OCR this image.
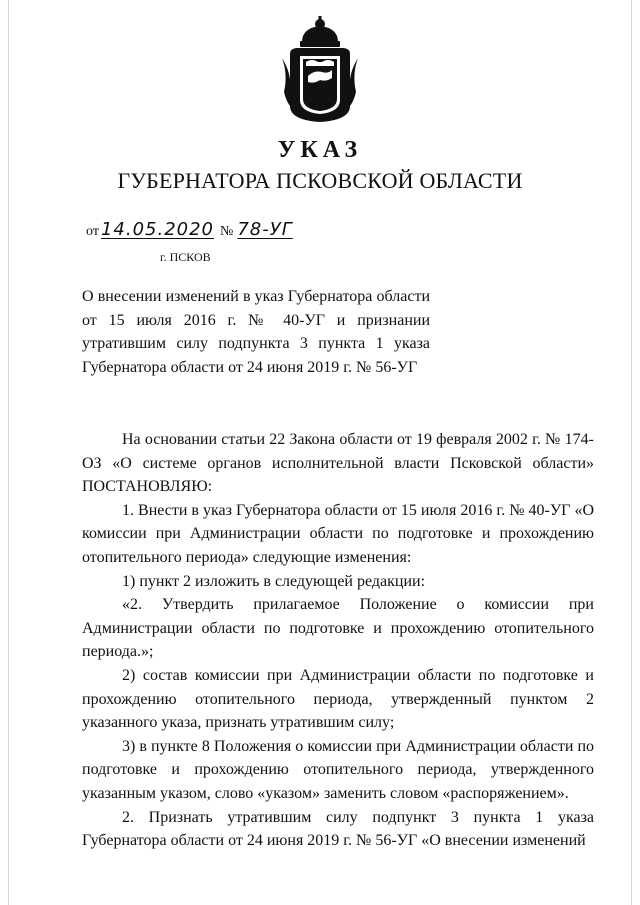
УКАЗ
ГУБЕРНАТОРА ПСКОВСКОЙ ОБЛАСТИ
от 14.05.2020 № 78-УГ
г. ПСКОВ
О внесении изменений в указ Губернатора области от 15 июля 2016 г. № 40-УГ и признании утратившим силу подпункта 3 пункта 1 указа Губернатора области от 24 июня 2019 г. № 56-УГ

На основании статьи 22 Закона области от 19 февраля 2002 г. № 174-ОЗ «О системе органов исполнительной власти Псковской области» ПОСТАНОВЛЯЮ:

1. Внести в указ Губернатора области от 15 июля 2016 г. № 40-УГ «О комиссии при Администрации области по подготовке и прохождению отопительного периода» следующие изменения:

1) пункт 2 изложить в следующей редакции:

«2. Утвердить прилагаемое Положение о комиссии при Администрации области по подготовке и прохождению отопительного периода.»;

2) состав комиссии при Администрации области по подготовке и прохождению отопительного периода, утвержденный пунктом 2 указанного указа, признать утратившим силу;

3) в пункте 8 Положения о комиссии при Администрации области по подготовке и прохождению отопительного периода, утвержденного указанным указом, слово «указом» заменить словом «распоряжением».

2. Признать утратившим силу подпункт 3 пункта 1 указа Губернатора области от 24 июня 2019 г. № 56-УГ «О внесении изменений
